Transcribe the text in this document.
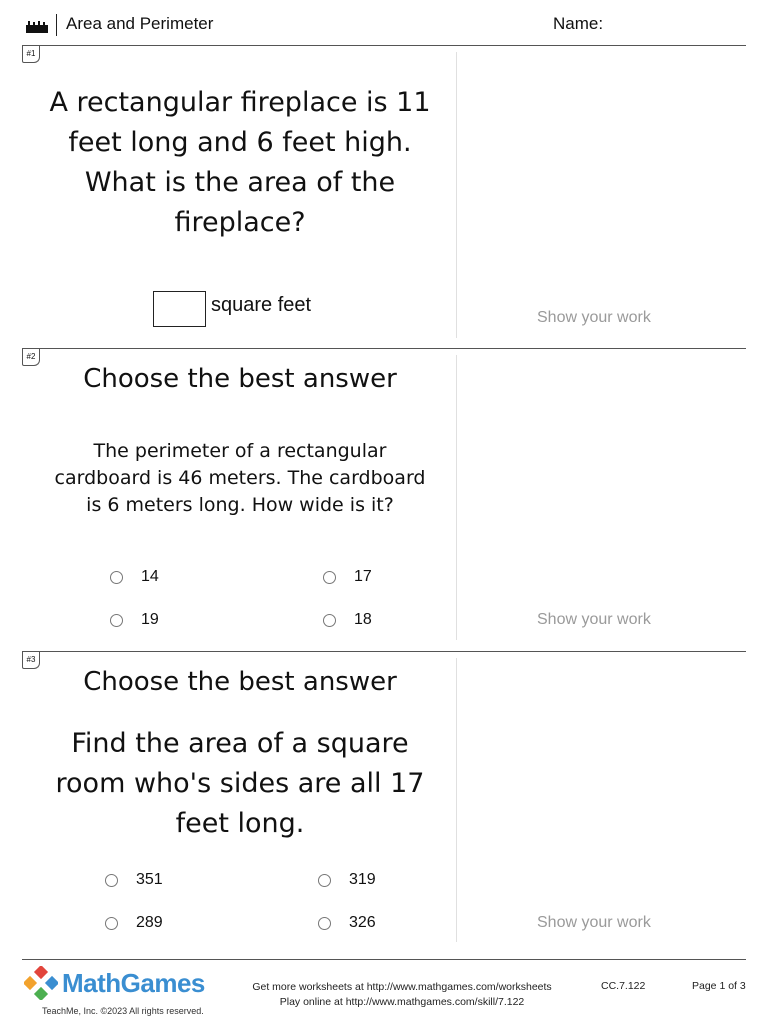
Area and Perimeter	Name:
#1
A rectangular fireplace is 11
feet long and 6 feet high.
What is the area of the
fireplace?
square feet
Show your work
#2
Choose the best answer
The perimeter of a rectangular
cardboard is 46 meters. The cardboard
is 6 meters long. How wide is it?
14	17
19	18	Show your work
#3
Choose the best answer
Find the area of a square
room who's sides are all 17
feet long.
351	319
289	326	Show your work
MathGames
TeachMe, Inc. ©2023 All rights reserved.
Get more worksheets at http://www.mathgames.com/worksheets
Play online at http://www.mathgames.com/skill/7.122
CC.7.122	Page 1 of 3
